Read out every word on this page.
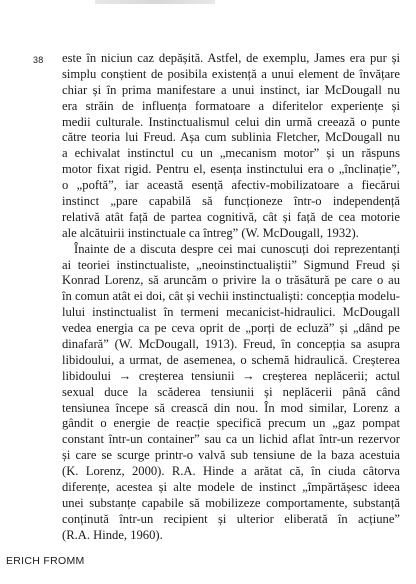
38 este în niciun caz depășită. Astfel, de exemplu, James era pur și
simplu conștient de posibila existență a unui element de învățare
chiar și în prima manifestare a unui instinct, iar McDougall nu
era străin de influența formatoare a diferitelor experiențe și
medii culturale. Instinctualismul celui din urmă creează o punte
către teoria lui Freud. Așa cum sublinia Fletcher, McDougall nu
a echivalat instinctul cu un „mecanism motor” și un răspuns
motor fixat rigid. Pentru el, esența instinctului era o „înclinație”,
o „poftă”, iar această esență afectiv-mobilizatoare a fiecărui
instinct „pare capabilă să funcționeze într-o independență
relativă atât față de partea cognitivă, cât și față de cea motorie
ale alcătuirii instinctuale ca întreg” (W. McDougall, 1932).
Înainte de a discuta despre cei mai cunoscuți doi reprezentanți
ai teoriei instinctualiste, „neoinstinctualiștii” Sigmund Freud și
Konrad Lorenz, să aruncăm o privire la o trăsătură pe care o au
în comun atât ei doi, cât și vechii instinctualiști: concepția modelu-
lului instinctualist în termeni mecanicist-hidraulici. McDougall
vedea energia ca pe ceva oprit de „porți de ecluză” și „dând pe
dinafară” (W. McDougall, 1913). Freud, în concepția sa asupra
libidoului, a urmat, de asemenea, o schemă hidraulică. Creșterea
libidoului → creșterea tensiunii → creșterea neplăcerii; actul
sexual duce la scăderea tensiunii și neplăcerii până când
tensiunea începe să crească din nou. În mod similar, Lorenz a
gândit o energie de reacție specifică precum un „gaz pompat
constant într-un container” sau ca un lichid aflat într-un rezervor
și care se scurge printr-o valvă sub tensiune de la baza acestuia
(K. Lorenz, 2000). R.A. Hinde a arătat că, în ciuda câtorva
diferențe, acestea și alte modele de instinct „împărtășesc ideea
unei substanțe capabile să mobilizeze comportamente, substanță
conținută într-un recipient și ulterior eliberată în acțiune”
(R.A. Hinde, 1960).
ERICH FROMM
